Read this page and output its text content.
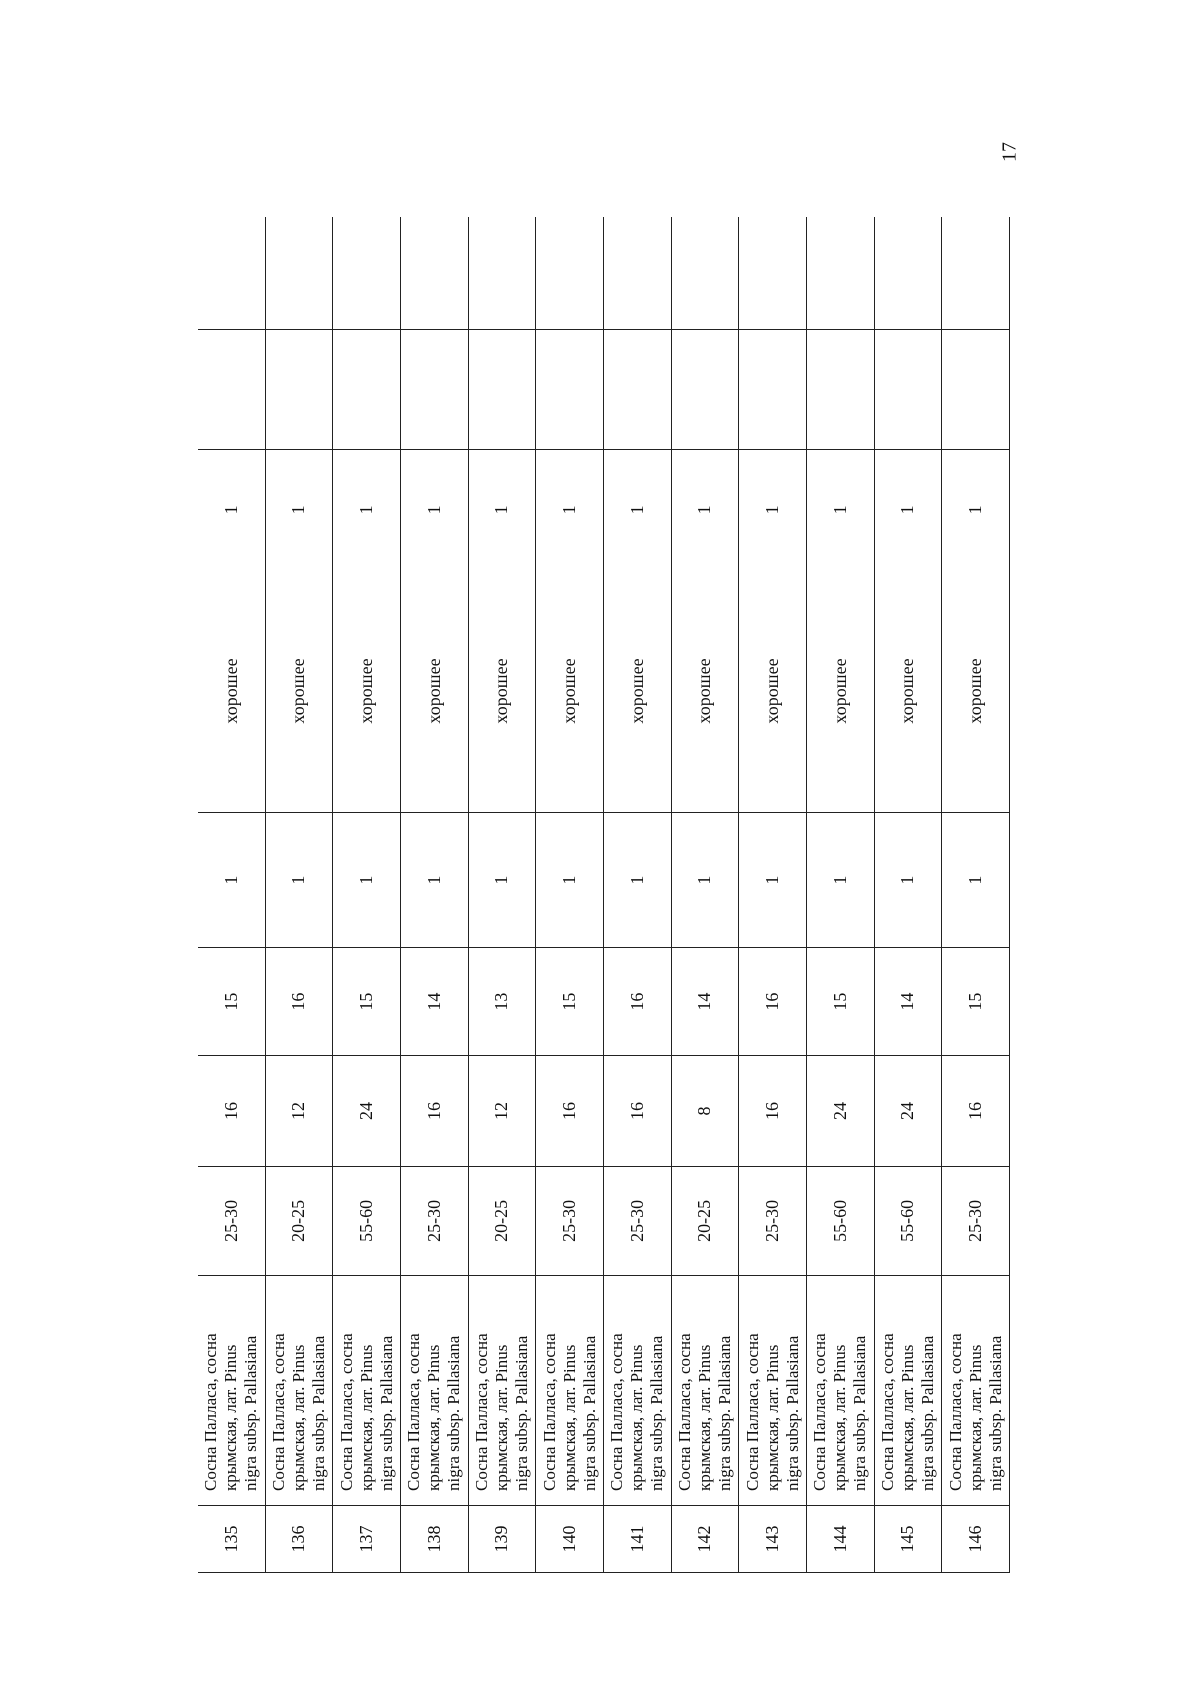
17
135	Сосна Палласа, сосна крымская, лат. Pinus nigra subsp. Pallasiana	25-30	16	15	1	хорошее	1		
136	Сосна Палласа, сосна крымская, лат. Pinus nigra subsp. Pallasiana	20-25	12	16	1	хорошее	1		
137	Сосна Палласа, сосна крымская, лат. Pinus nigra subsp. Pallasiana	55-60	24	15	1	хорошее	1		
138	Сосна Палласа, сосна крымская, лат. Pinus nigra subsp. Pallasiana	25-30	16	14	1	хорошее	1		
139	Сосна Палласа, сосна крымская, лат. Pinus nigra subsp. Pallasiana	20-25	12	13	1	хорошее	1		
140	Сосна Палласа, сосна крымская, лат. Pinus nigra subsp. Pallasiana	25-30	16	15	1	хорошее	1		
141	Сосна Палласа, сосна крымская, лат. Pinus nigra subsp. Pallasiana	25-30	16	16	1	хорошее	1		
142	Сосна Палласа, сосна крымская, лат. Pinus nigra subsp. Pallasiana	20-25	8	14	1	хорошее	1		
143	Сосна Палласа, сосна крымская, лат. Pinus nigra subsp. Pallasiana	25-30	16	16	1	хорошее	1		
144	Сосна Палласа, сосна крымская, лат. Pinus nigra subsp. Pallasiana	55-60	24	15	1	хорошее	1		
145	Сосна Палласа, сосна крымская, лат. Pinus nigra subsp. Pallasiana	55-60	24	14	1	хорошее	1		
146	Сосна Палласа, сосна крымская, лат. Pinus nigra subsp. Pallasiana	25-30	16	15	1	хорошее	1		
